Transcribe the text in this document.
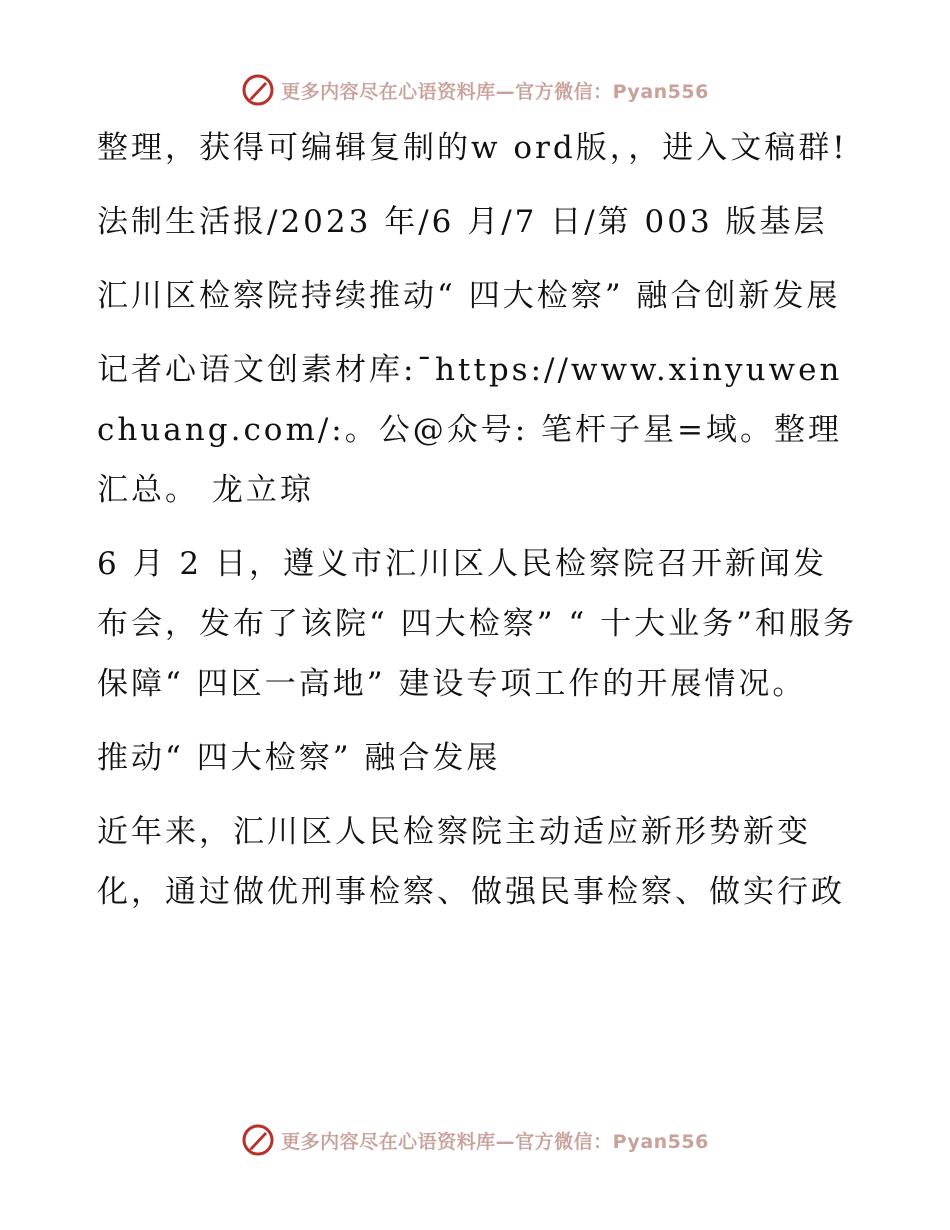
更多内容尽在心语资料库—官方微信：Pyan556

整理，获得可编辑复制的w ord版，，进入文稿群!

法制生活报/2023 年/6 月/7 日/第 003 版基层

汇川区检察院持续推动“ 四大检察” 融合创新发展

记者心语文创素材库:¯https://www.xinyuwenchuang.com/:。公@众号: 笔杆子星=域。整理汇总。 龙立琼

6 月 2 日，遵义市汇川区人民检察院召开新闻发布会，发布了该院“ 四大检察” “ 十大业务”和服务保障“ 四区一高地” 建设专项工作的开展情况。

推动“ 四大检察” 融合发展

近年来，汇川区人民检察院主动适应新形势新变化，通过做优刑事检察、做强民事检察、做实行政

更多内容尽在心语资料库—官方微信：Pyan556
